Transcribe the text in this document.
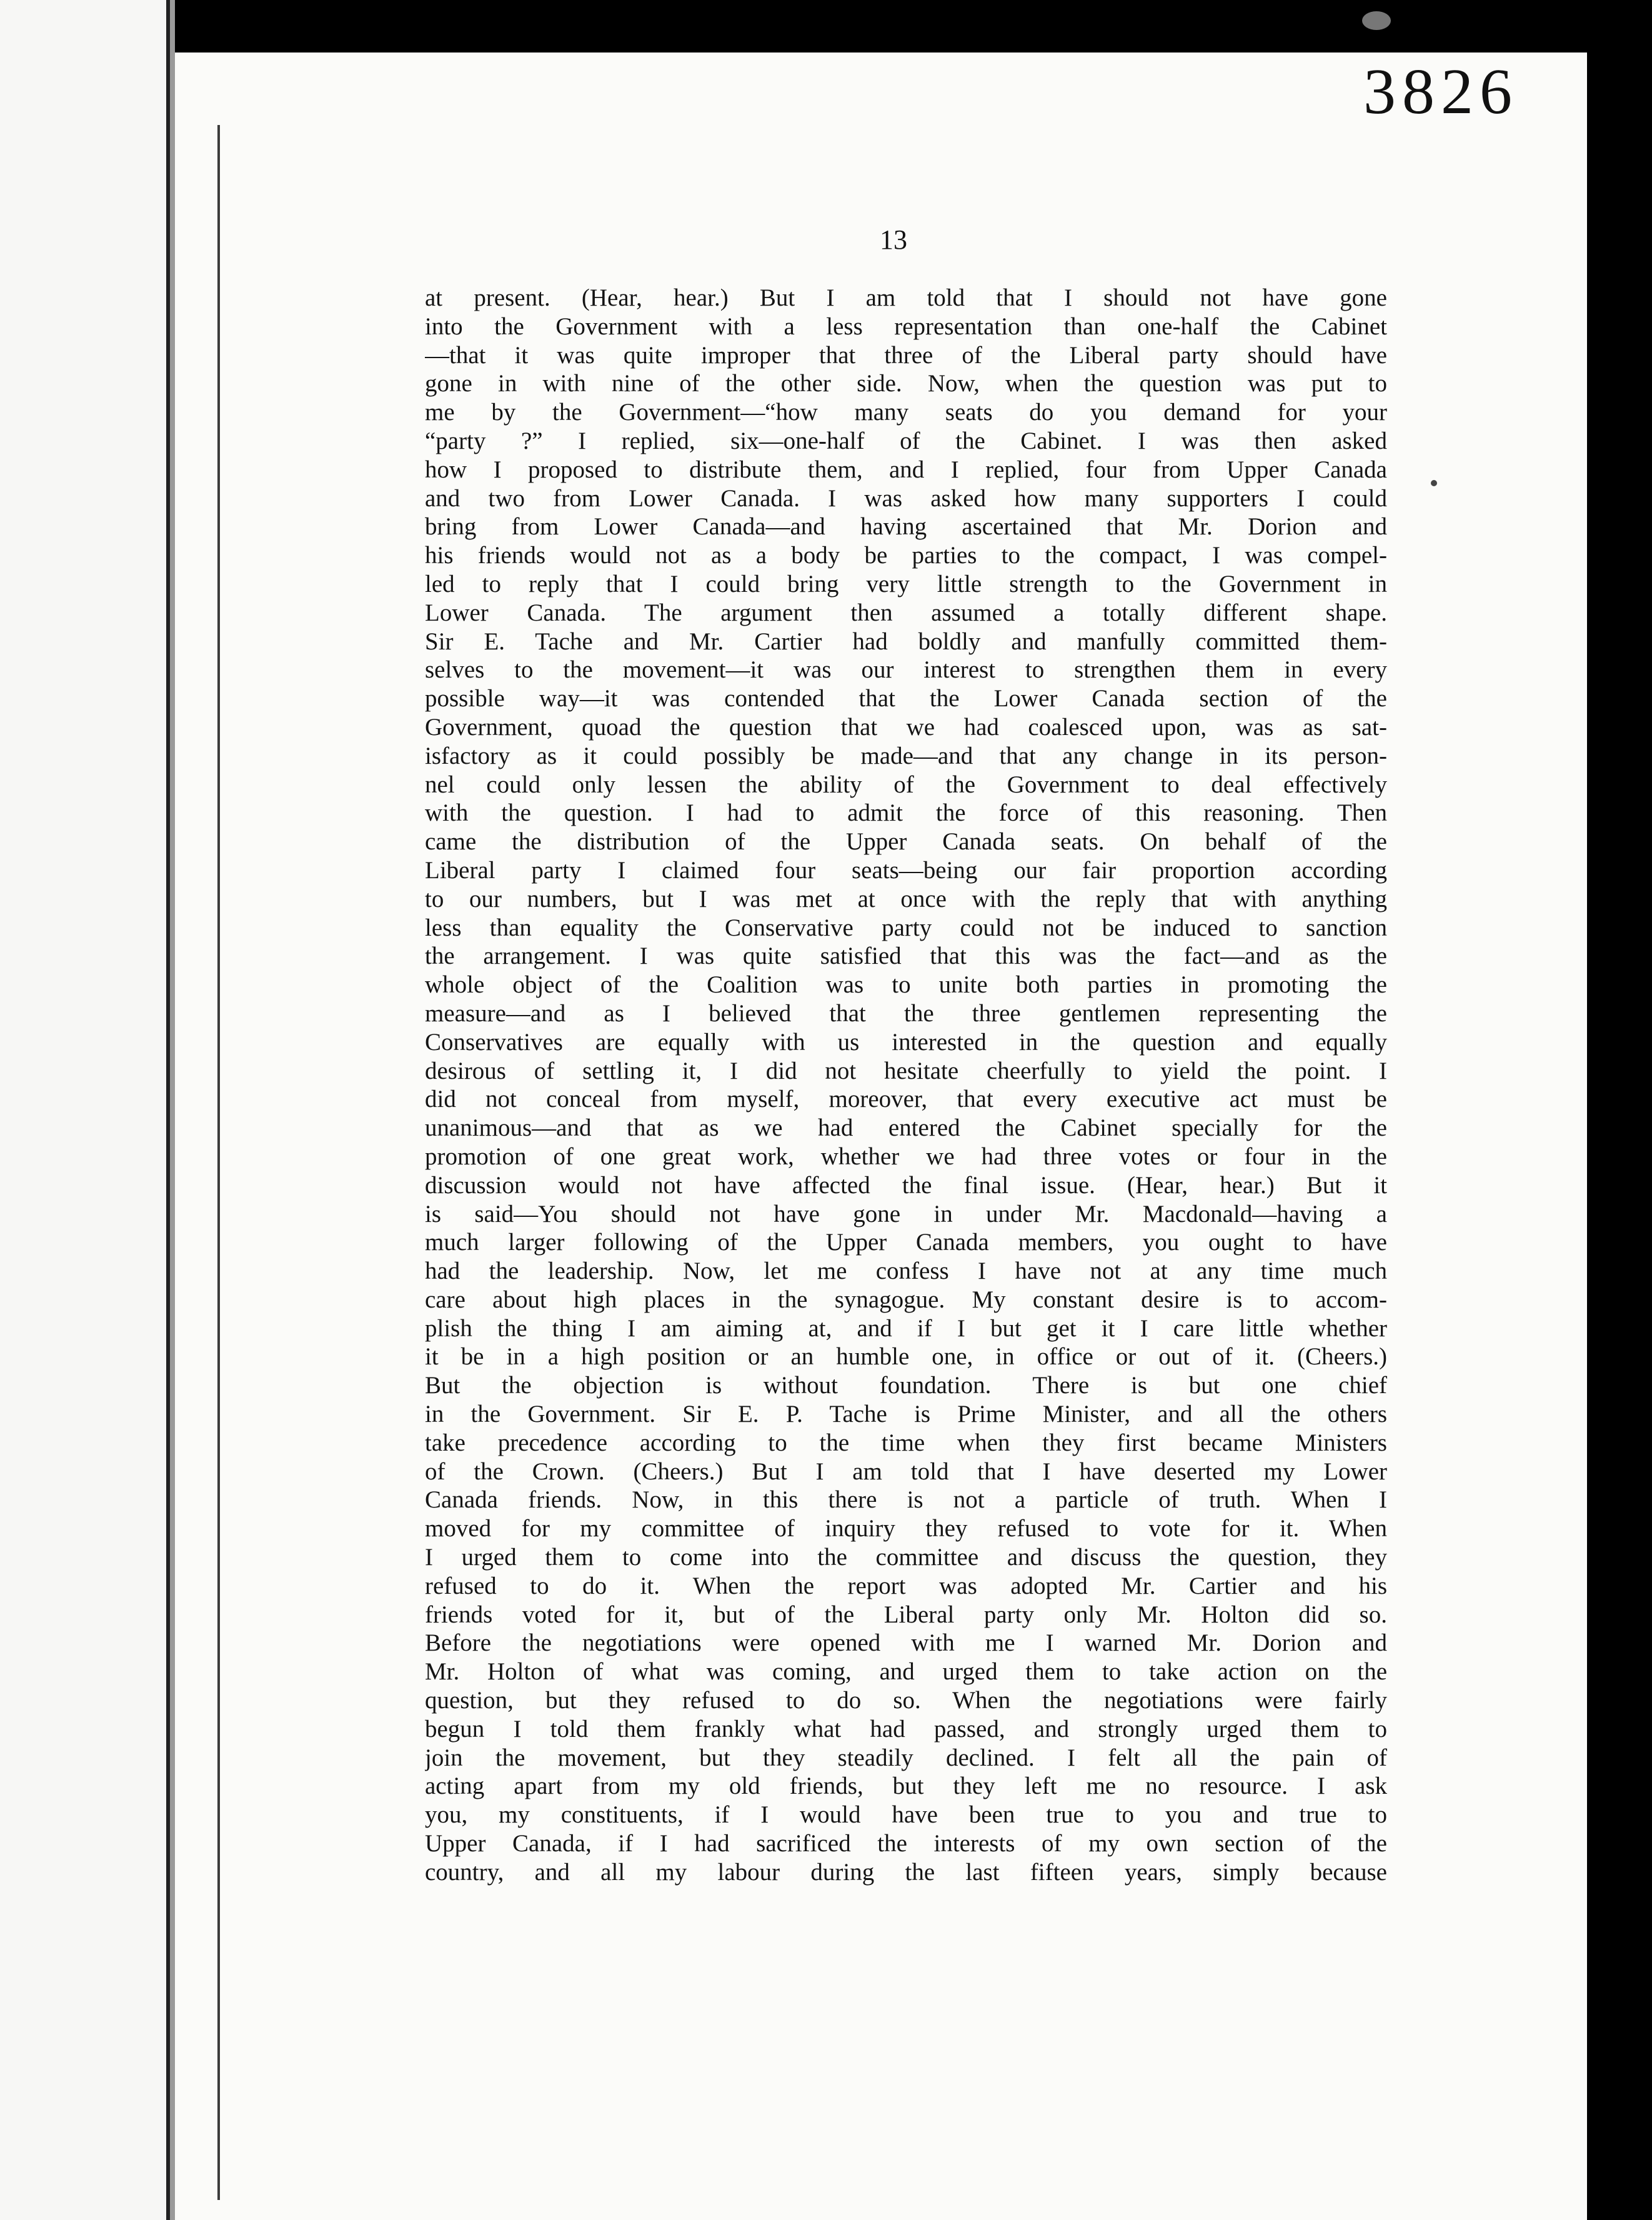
3826
13
at present. (Hear, hear.) But I am told that I should not have gone
into the Government with a less representation than one-half the Cabinet
—that it was quite improper that three of the Liberal party should have
gone in with nine of the other side. Now, when the question was put to
me by the Government—“how many seats do you demand for your
“party ?” I replied, six—one-half of the Cabinet. I was then asked
how I proposed to distribute them, and I replied, four from Upper Canada
and two from Lower Canada. I was asked how many supporters I could
bring from Lower Canada—and having ascertained that Mr. Dorion and
his friends would not as a body be parties to the compact, I was compel-
led to reply that I could bring very little strength to the Government in
Lower Canada. The argument then assumed a totally different shape.
Sir E. Tache and Mr. Cartier had boldly and manfully committed them-
selves to the movement—it was our interest to strengthen them in every
possible way—it was contended that the Lower Canada section of the
Government, quoad the question that we had coalesced upon, was as sat-
isfactory as it could possibly be made—and that any change in its person-
nel could only lessen the ability of the Government to deal effectively
with the question. I had to admit the force of this reasoning. Then
came the distribution of the Upper Canada seats. On behalf of the
Liberal party I claimed four seats—being our fair proportion according
to our numbers, but I was met at once with the reply that with anything
less than equality the Conservative party could not be induced to sanction
the arrangement. I was quite satisfied that this was the fact—and as the
whole object of the Coalition was to unite both parties in promoting the
measure—and as I believed that the three gentlemen representing the
Conservatives are equally with us interested in the question and equally
desirous of settling it, I did not hesitate cheerfully to yield the point. I
did not conceal from myself, moreover, that every executive act must be
unanimous—and that as we had entered the Cabinet specially for the
promotion of one great work, whether we had three votes or four in the
discussion would not have affected the final issue. (Hear, hear.) But it
is said—You should not have gone in under Mr. Macdonald—having a
much larger following of the Upper Canada members, you ought to have
had the leadership. Now, let me confess I have not at any time much
care about high places in the synagogue. My constant desire is to accom-
plish the thing I am aiming at, and if I but get it I care little whether
it be in a high position or an humble one, in office or out of it. (Cheers.)
But the objection is without foundation. There is but one chief
in the Government. Sir E. P. Tache is Prime Minister, and all the others
take precedence according to the time when they first became Ministers
of the Crown. (Cheers.) But I am told that I have deserted my Lower
Canada friends. Now, in this there is not a particle of truth. When I
moved for my committee of inquiry they refused to vote for it. When
I urged them to come into the committee and discuss the question, they
refused to do it. When the report was adopted Mr. Cartier and his
friends voted for it, but of the Liberal party only Mr. Holton did so.
Before the negotiations were opened with me I warned Mr. Dorion and
Mr. Holton of what was coming, and urged them to take action on the
question, but they refused to do so. When the negotiations were fairly
begun I told them frankly what had passed, and strongly urged them to
join the movement, but they steadily declined. I felt all the pain of
acting apart from my old friends, but they left me no resource. I ask
you, my constituents, if I would have been true to you and true to
Upper Canada, if I had sacrificed the interests of my own section of the
country, and all my labour during the last fifteen years, simply because
